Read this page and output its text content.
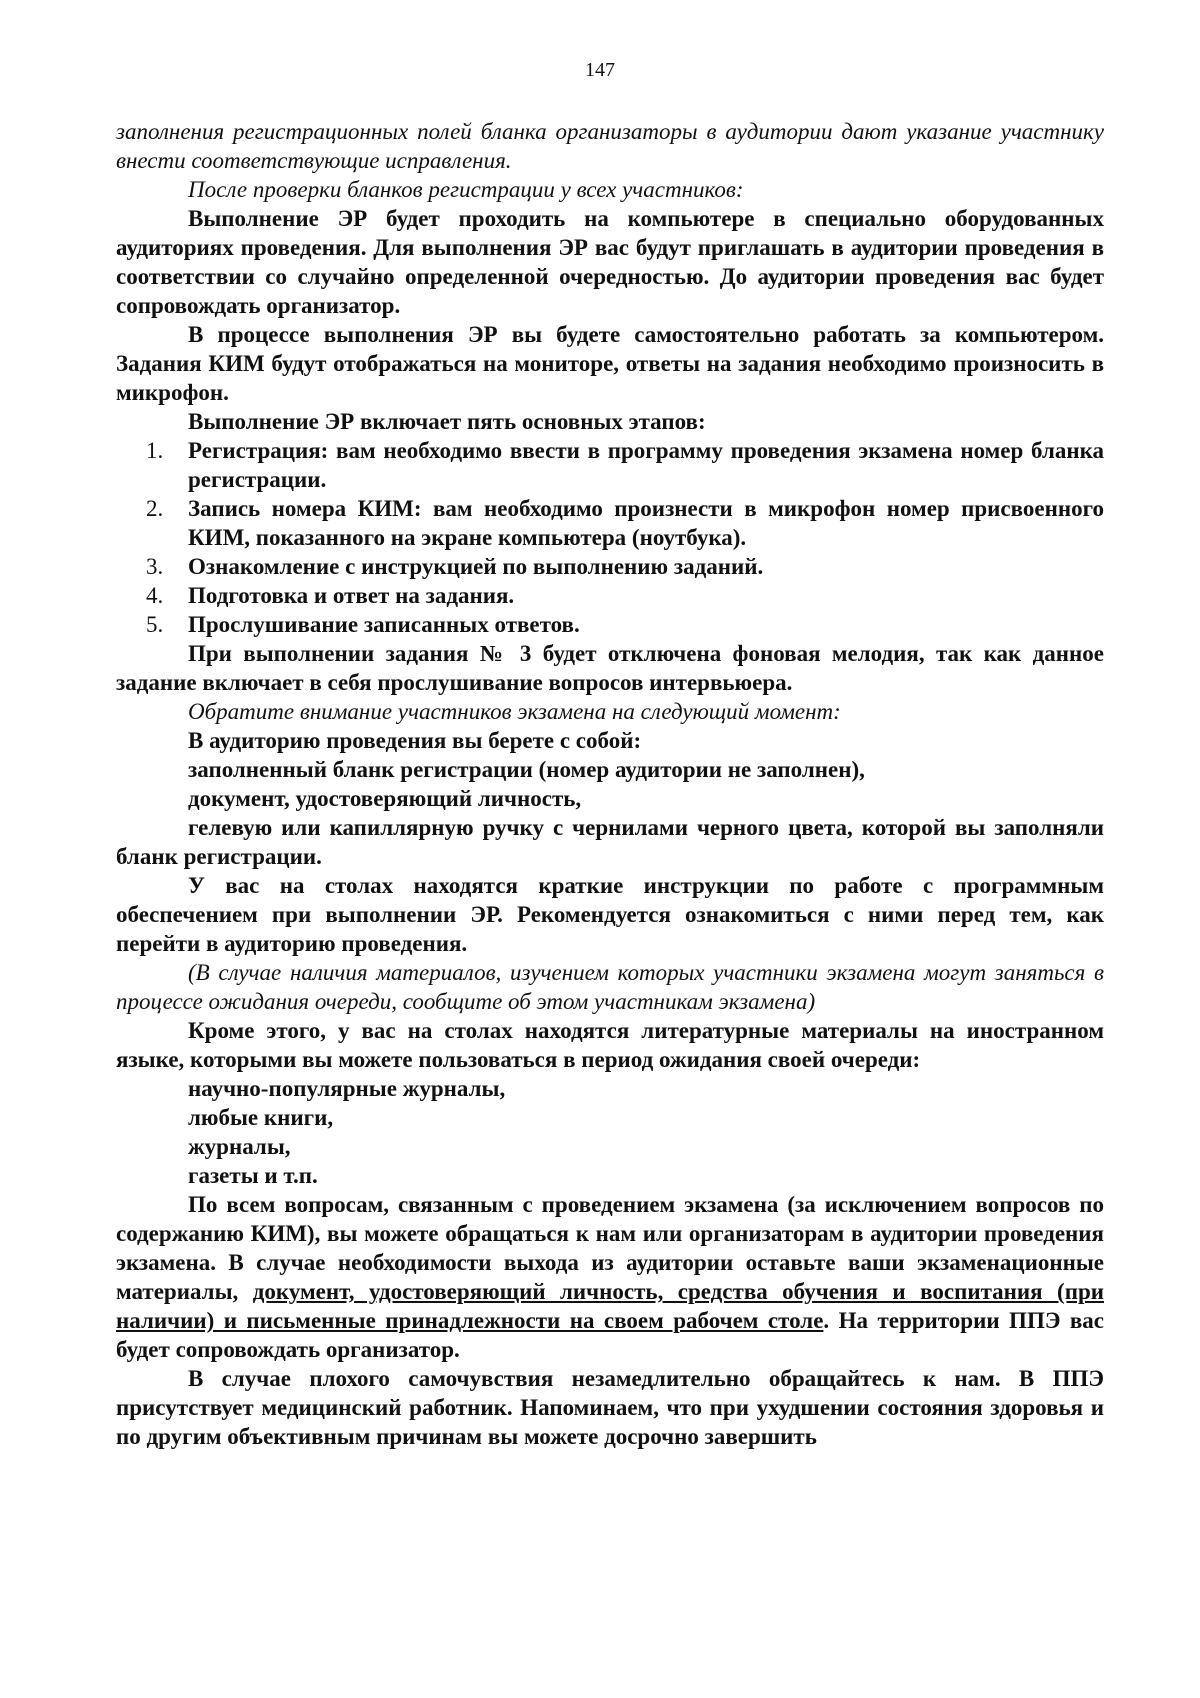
147

заполнения регистрационных полей бланка организаторы в аудитории дают указание участнику внести соответствующие исправления.

После проверки бланков регистрации у всех участников:

Выполнение ЭР будет проходить на компьютере в специально оборудованных аудиториях проведения. Для выполнения ЭР вас будут приглашать в аудитории проведения в соответствии со случайно определенной очередностью. До аудитории проведения вас будет сопровождать организатор.

В процессе выполнения ЭР вы будете самостоятельно работать за компьютером. Задания КИМ будут отображаться на мониторе, ответы на задания необходимо произносить в микрофон.

Выполнение ЭР включает пять основных этапов:

1. Регистрация: вам необходимо ввести в программу проведения экзамена номер бланка регистрации.
2. Запись номера КИМ: вам необходимо произнести в микрофон номер присвоенного КИМ, показанного на экране компьютера (ноутбука).
3. Ознакомление с инструкцией по выполнению заданий.
4. Подготовка и ответ на задания.
5. Прослушивание записанных ответов.

При выполнении задания № 3 будет отключена фоновая мелодия, так как данное задание включает в себя прослушивание вопросов интервьюера.

Обратите внимание участников экзамена на следующий момент:

В аудиторию проведения вы берете с собой:

заполненный бланк регистрации (номер аудитории не заполнен),

документ, удостоверяющий личность,

гелевую или капиллярную ручку с чернилами черного цвета, которой вы заполняли бланк регистрации.

У вас на столах находятся краткие инструкции по работе с программным обеспечением при выполнении ЭР. Рекомендуется ознакомиться с ними перед тем, как перейти в аудиторию проведения.

(В случае наличия материалов, изучением которых участники экзамена могут заняться в процессе ожидания очереди, сообщите об этом участникам экзамена)

Кроме этого, у вас на столах находятся литературные материалы на иностранном языке, которыми вы можете пользоваться в период ожидания своей очереди:

научно-популярные журналы,

любые книги,

журналы,

газеты и т.п.

По всем вопросам, связанным с проведением экзамена (за исключением вопросов по содержанию КИМ), вы можете обращаться к нам или организаторам в аудитории проведения экзамена. В случае необходимости выхода из аудитории оставьте ваши экзаменационные материалы, документ, удостоверяющий личность, средства обучения и воспитания (при наличии) и письменные принадлежности на своем рабочем столе. На территории ППЭ вас будет сопровождать организатор.

В случае плохого самочувствия незамедлительно обращайтесь к нам. В ППЭ присутствует медицинский работник. Напоминаем, что при ухудшении состояния здоровья и по другим объективным причинам вы можете досрочно завершить
